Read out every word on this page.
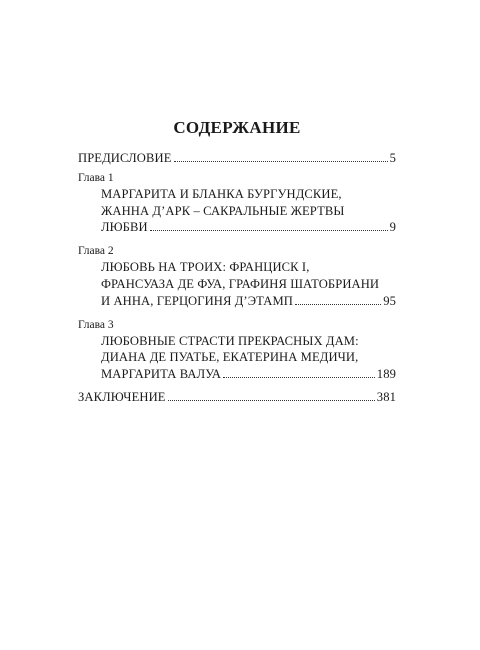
СОДЕРЖАНИЕ
ПРЕДИСЛОВИЕ	5
Глава 1
МАРГАРИТА И БЛАНКА БУРГУНДСКИЕ,
ЖАННА Д’АРК – САКРАЛЬНЫЕ ЖЕРТВЫ
ЛЮБВИ	9
Глава 2
ЛЮБОВЬ НА ТРОИХ: ФРАНЦИСК I,
ФРАНСУАЗА ДЕ ФУА, ГРАФИНЯ ШАТОБРИАНИ
И АННА, ГЕРЦОГИНЯ Д’ЭТАМП	95
Глава 3
ЛЮБОВНЫЕ СТРАСТИ ПРЕКРАСНЫХ ДАМ:
ДИАНА ДЕ ПУАТЬЕ, ЕКАТЕРИНА МЕДИЧИ,
МАРГАРИТА ВАЛУА	189
ЗАКЛЮЧЕНИЕ	381
